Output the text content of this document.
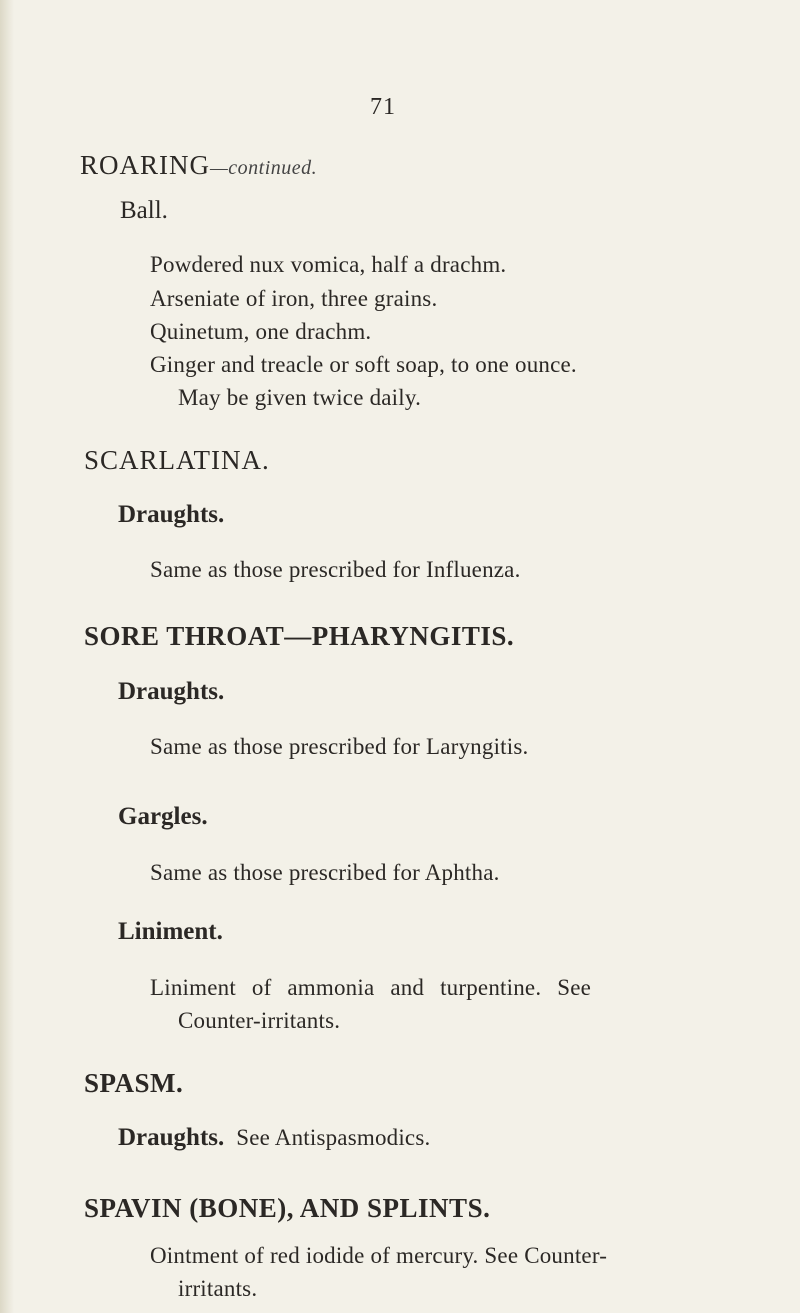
71
ROARING—continued.
Ball.
Powdered nux vomica, half a drachm.
Arseniate of iron, three grains.
Quinetum, one drachm.
Ginger and treacle or soft soap, to one ounce.
May be given twice daily.
SCARLATINA.
Draughts.
Same as those prescribed for Influenza.
SORE THROAT—PHARYNGITIS.
Draughts.
Same as those prescribed for Laryngitis.
Gargles.
Same as those prescribed for Aphtha.
Liniment.
Liniment of ammonia and turpentine. See
Counter-irritants.
SPASM.
Draughts. See Antispasmodics.
SPAVIN (BONE), AND SPLINTS.
Ointment of red iodide of mercury. See Counter-
irritants.
